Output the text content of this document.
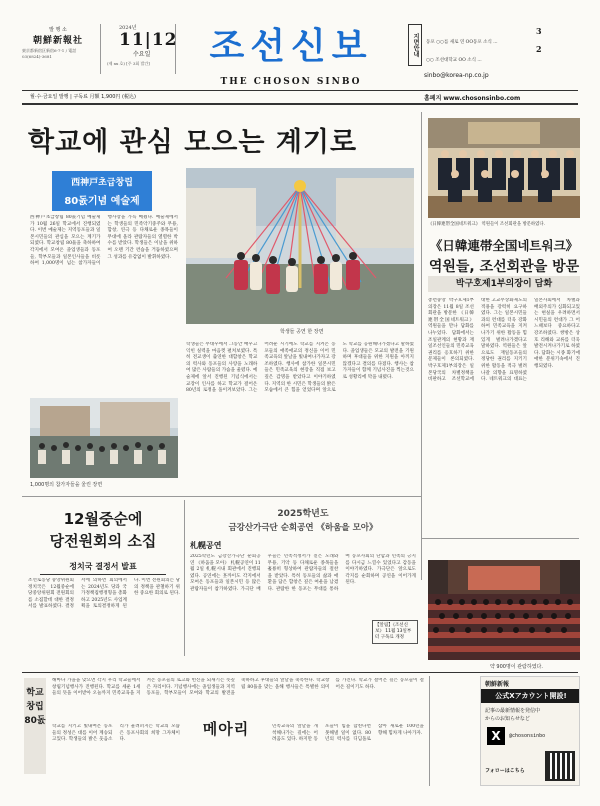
발 행 소
朝鮮新報社
東京都新宿区新宿6-7-1 / 電話 03(6824)-3681
2024년
11|12
수요일
(제 xx 호) [주 3회 발간]	조선신보	지면안내	동포 ○○를 새로 연 OO동포 소식 ...
3
○○ 조선대학교 OO 소식 ...
2
sinbo@korea-np.co.jp
THE CHOSON SINBO
월·수·금요일 발행 | 구독료 月額 1,900円 (税込)	홈페지 www.chosonsinbo.com
학교에 관심 모으는 계기로
西神戸초급창립
80돐기념 예술제
西神戸초급창립 80돐기념 예술제가 10월 26일 학교에서 진행되였다. 이번 예술제는 지역동포들과 일본시민들의 관심을 모으는 계기가 되였다. 학교창립 80돐을 축하하여 각지에서 모여온 졸업생들과 동포들, 학부모들과 일본인사들을 비롯하여 1,000명이 넘는 참가자들이 행사장을 가득 메웠다. 예술제에서는 학생들의 민족악기중주와 무용, 합창, 연극 등 다채로운 종목들이 무대에 올라 관람자들의 열렬한 박수를 받았다. 학생들은 이날을 위하여 오랜 기간 련습을 거듭하였으며 그 성과를 유감없이 발휘하였다.
학생들 공연 한 장면
1,000명의 참가자들을 울린 장면
학생들은 무대우에서 그동안 배우고 익힌 실력을 마음껏 펼쳐보였다. 특히 전교생이 출연한 대합창은 학교의 력사와 동포들의 사랑을 노래하여 많은 사람들의 가슴을 울렸다. 예술제에 앞서 진행된 기념식에서는 교장이 인사를 하고 학교가 걸어온 80년의 로정을 돌이켜보았다. 그는 어려운 시기에도 학교를 지켜온 동포들의 애족애교의 정신을 이어 민족교육의 앞날을 빛내여나가자고 강조하였다. 행사에 참가한 일본시민들은 민족교육의 현장을 직접 보고 깊은 감명을 받았다고 이야기하였다. 지역의 한 시민은 학생들의 밝은 모습에서 큰 힘을 얻었다며 앞으로도 학교를 응원해나가겠다고 말하였다. 졸업생들은 모교의 발전을 기원하며 후대들을 위한 지원을 아끼지 않겠다고 결의를 다졌다. 행사는 참가자들이 함께 기념사진을 찍는것으로 성황리에 막을 내렸다.
《日韓連帯全国네트워크》 역원들이 조선회관을 방문하였다.
《日韓連帯全国네트워크》
역원들, 조선회관을 방문
박구호제1부의장이 담화
총련중앙 박구호제1부의장은 11월 8일 조선회관을 방문한 《日韓連帯全国네트워크》 역원들을 만나 담화를 나누었다. 담화에서는 조일관계의 현황과 재일조선인들의 민족교육권리를 옹호하기 위한 문제들이 론의되였다. 박구호제1부의장은 일본당국의 차별정책을 비판하고 조선학교에 대한 고교무상화제도의 적용을 강력히 요구하였다. 그는 일본시민들과의 련대를 더욱 강화하여 민족교육을 지켜나가기 위한 활동을 힘있게 벌려나가겠다고 말하였다. 역원들은 앞으로도 재일동포들의 정당한 권리를 지키기 위한 활동을 적극 벌려나갈 의향을 표명하였다. 네트워크의 대표는 일본사회에서 차별과 배외주의가 심화되고있는 현실을 우려하면서 시민들의 련대가 그 어느때보다 중요하다고 강조하였다. 쌍방은 상호 리해와 교류를 더욱 발전시켜나가기로 하였다. 담화는 시종 화기애애한 분위기속에서 진행되였다.
12월중순에
당전원회의 소집
정치국 결정서 발표
조선로동당 중앙위원회 정치국은 12월중순에 당중앙위원회 전원회의를 소집할데 대한 결정서를 발표하였다. 결정서에 의하면 회의에서는 2024년도 당과 국가정책집행정형을 총화하고 2025년도 사업계획을 토의결정하게 된다. 이번 전원회의는 당의 정책을 관철하기 위한 중요한 회의로 된다.
2025학년도
금강산가극단 순회공연 《하움을 모아》
札幌공연
2025학년도 금강산가극단 순회공연 《하움을 모아》 札幌공연이 11월 2일 札幌시내 회관에서 진행되였다. 공연에는 홋까이도 각지에서 모여온 동포들과 일본시민 등 많은 관람자들이 참가하였다. 가극단 배우들은 민족적정서가 짙은 노래와 무용, 기악 등 다채로운 종목들을 훌륭히 형상하여 관람자들의 절찬을 받았다. 특히 동포들의 삶과 애환을 담은 합창은 깊은 여운을 남겼다. 관람한 한 동포는 무대를 통하여 동포사회의 단합과 민족의 긍지를 다시금 느낄수 있었다고 감동을 이야기하였다. 가극단은 앞으로도 각지를 순회하며 공연을 이어가게 된다.
【알림】《조선신보》 11월 13일부터 구독료 개정
약 900명이 관람하였다.
학교
창립
80돐
해마다 가을을 맞으면 각지 우리 학교들에서 창립기념행사가 진행된다. 학교를 세운 1세들의 뜻을 이어받아 오늘까지 민족교육을 지켜온 동포들의 로고와 헌신을 되새기는 뜻깊은 자리이다. 기념행사에는 졸업생들과 지역동포들, 학부모들이 모여와 학교의 발전을 축하하고 후대들의 앞날을 축복한다. 학교창립 80돐을 맞는 올해 행사들은 특별한 의미를 가진다. 학교가 걸어온 길은 동포들이 걸어온 길이기도 하다.
메아리
학교를 지키고 빛내여온 동포들의 정성은 대를 이어 계승되고있다. 학생들의 밝은 웃음소리가 울려퍼지는 학교의 모습은 동포사회의 희망 그자체이다.
민족교육의 앞날을 개척해나가는 길에는 어려움도 있다. 하지만 동포들이 힘을 합친다면 못해낼 일이 없다. 80년의 력사를 디딤돌로 삼아 새로운 100년을 향해 힘차게 나아가자.
朝鮮新報
公式Xアカウント開設!
記事の最新情報を発信中
からのお知らせなど
X	@chosonsinbo
フォローはこちら
